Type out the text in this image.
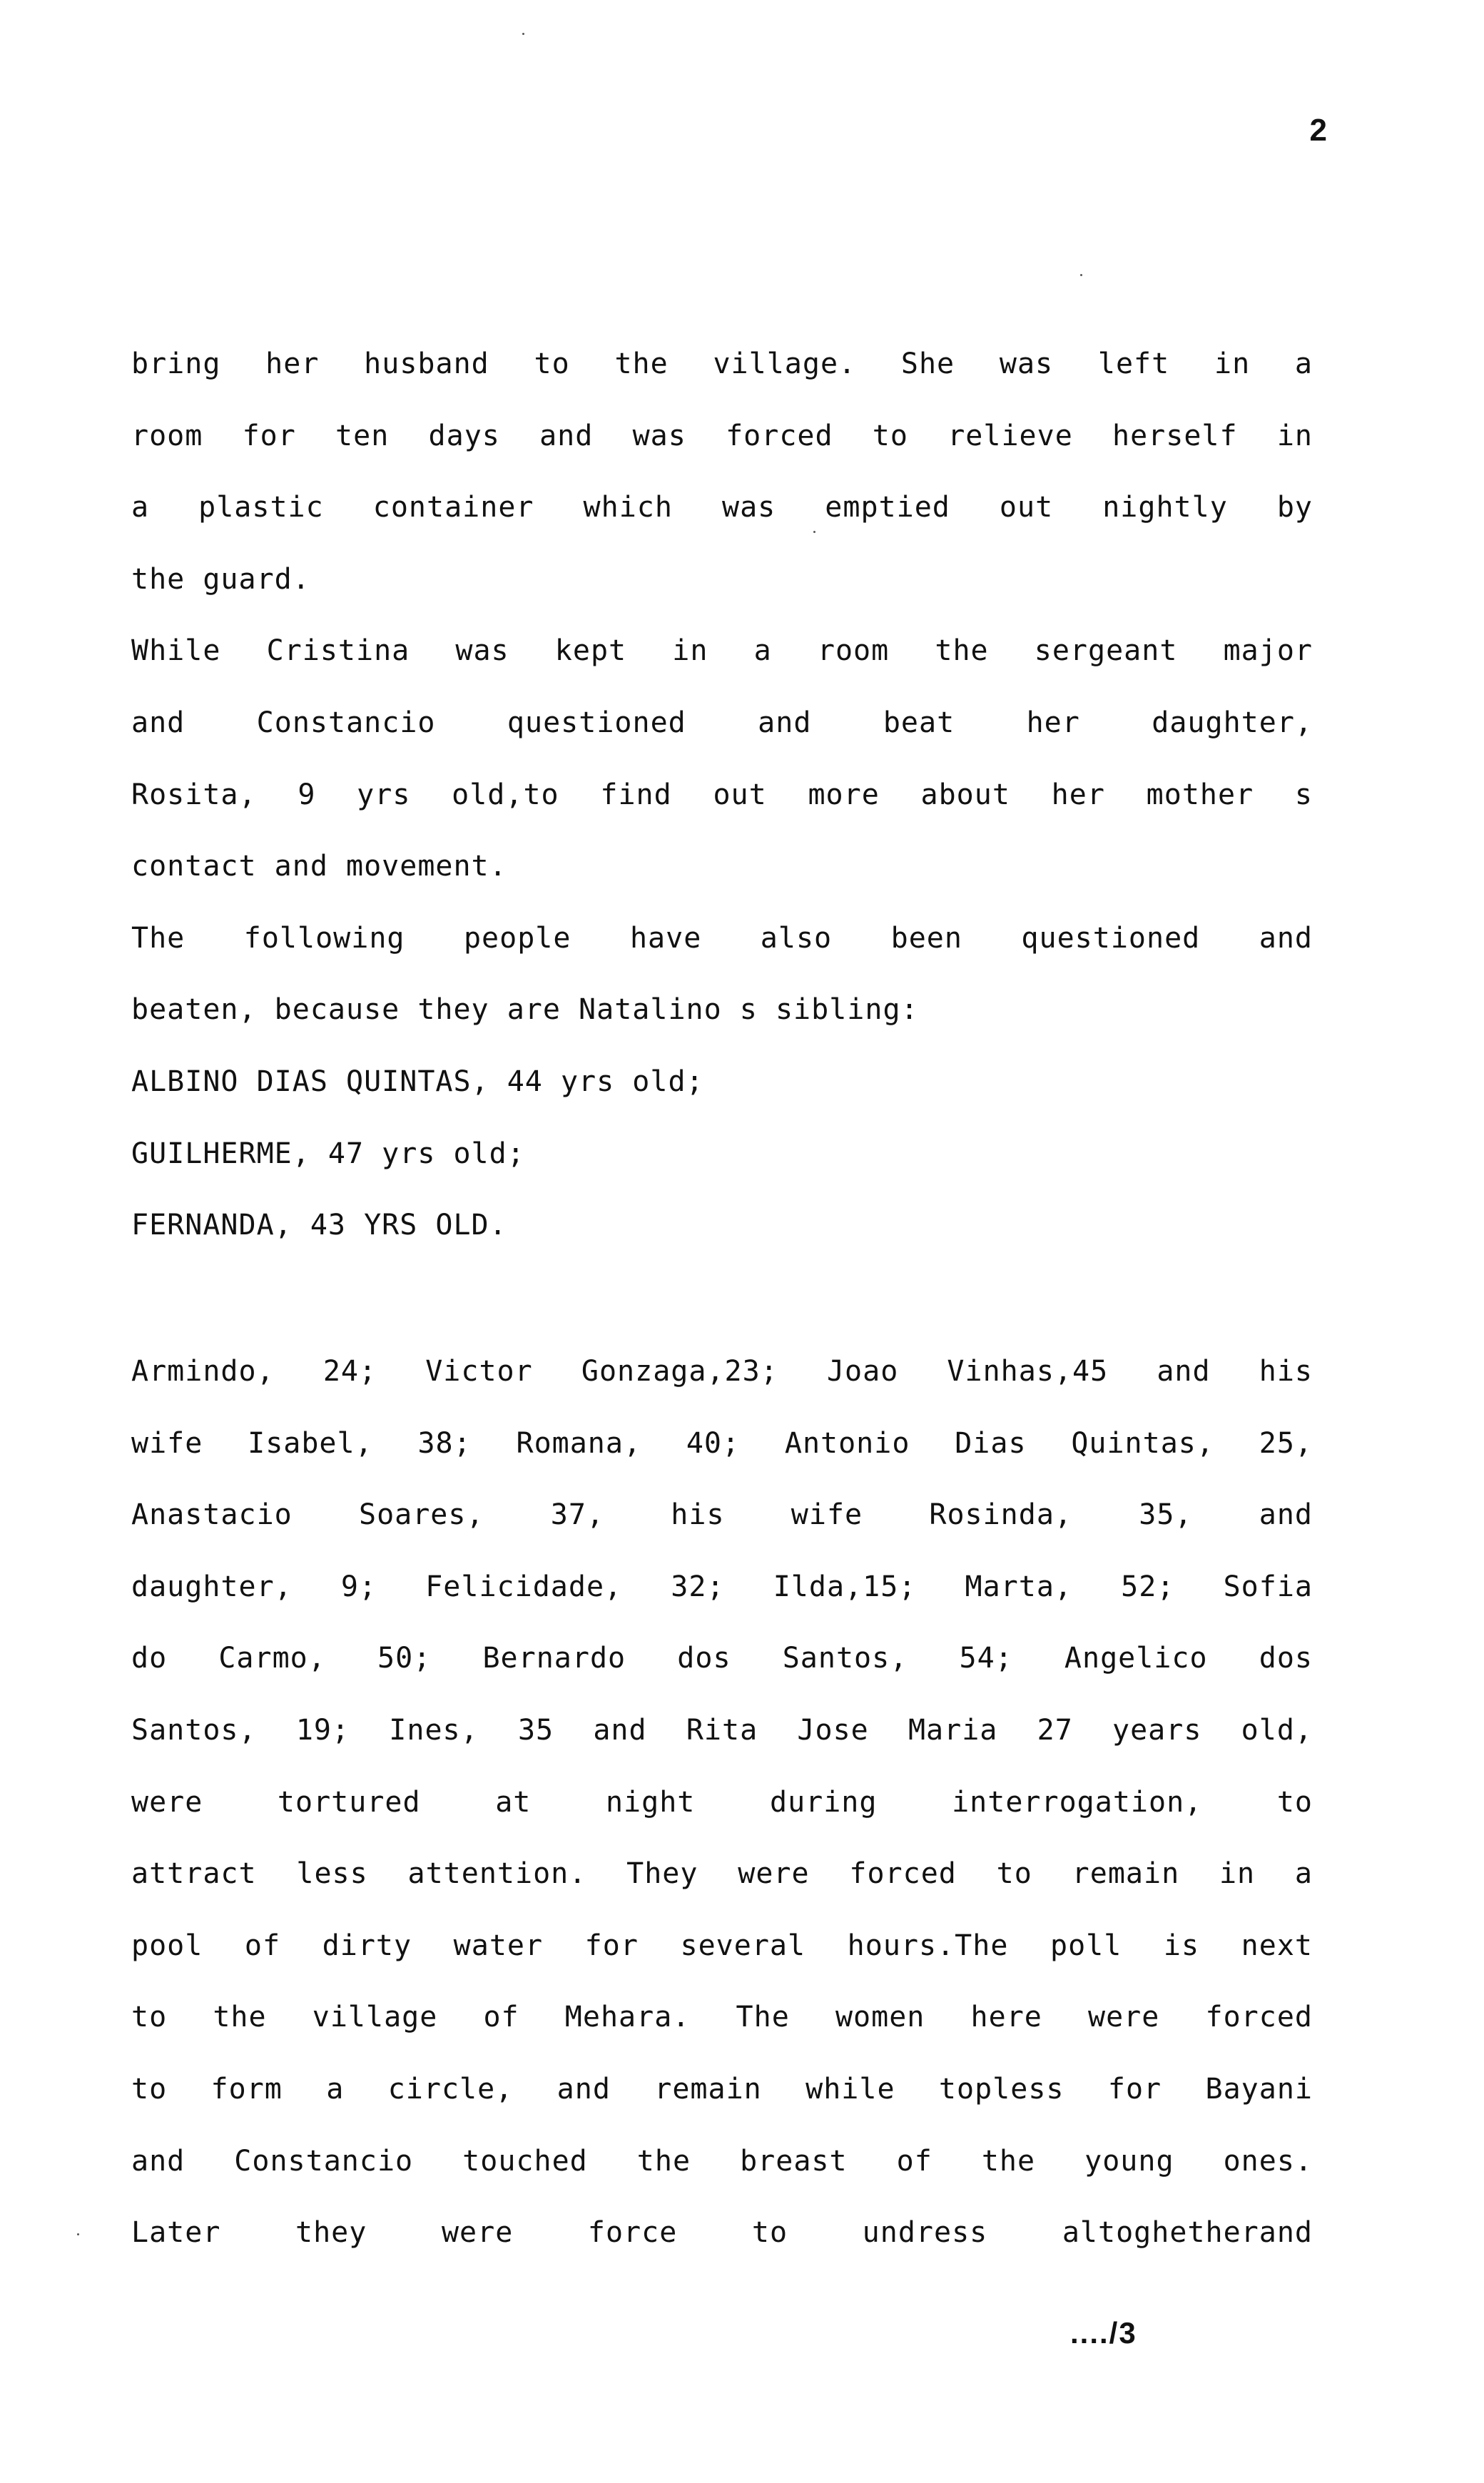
2
bring her husband to the village. She was left in a
room for ten days and was forced to relieve herself in
a plastic container which was emptied out nightly by
the guard.
While Cristina was kept in a room the sergeant major
and Constancio questioned and beat her daughter,
Rosita, 9 yrs old,to find out more about her mother s
contact and movement.
The following people have also been questioned and
beaten, because they are Natalino s sibling:
ALBINO DIAS QUINTAS, 44 yrs old;
GUILHERME, 47 yrs old;
FERNANDA, 43 YRS OLD.
Armindo, 24; Victor Gonzaga,23; Joao Vinhas,45 and his
wife Isabel, 38; Romana, 40; Antonio Dias Quintas, 25,
Anastacio Soares, 37, his wife Rosinda, 35, and
daughter, 9; Felicidade, 32; Ilda,15; Marta, 52; Sofia
do Carmo, 50; Bernardo dos Santos, 54; Angelico dos
Santos, 19; Ines, 35 and Rita Jose Maria 27 years old,
were tortured at night during interrogation, to
attract less attention. They were forced to remain in a
pool of dirty water for several hours.The poll is next
to the village of Mehara. The women here were forced
to form a circle, and remain while topless for Bayani
and Constancio touched the breast of the young ones.
Later they were force to undress altoghetherand
..../3
